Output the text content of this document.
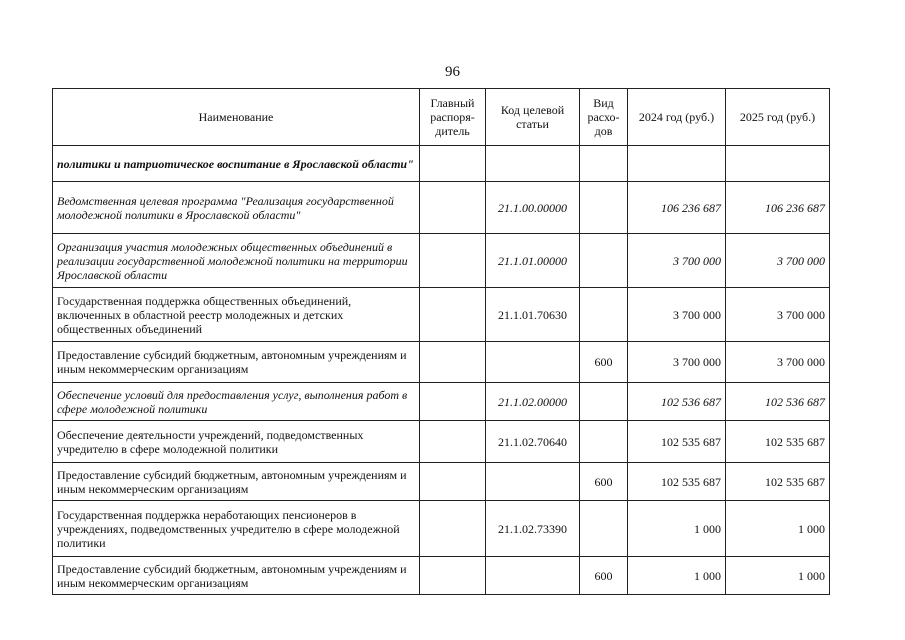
96
Наименование	Главный распоря-дитель	Код целевой статьи	Вид расхо-дов	2024 год (руб.)	2025 год (руб.)
политики и патриотическое воспитание в Ярославской области"					
Ведомственная целевая программа "Реализация государственной молодежной политики в Ярославской области"		21.1.00.00000		106 236 687	106 236 687
Организация участия молодежных общественных объединений в реализации государственной молодежной политики на территории Ярославской области		21.1.01.00000		3 700 000	3 700 000
Государственная поддержка общественных объединений, включенных в областной реестр молодежных и детских общественных объединений		21.1.01.70630		3 700 000	3 700 000
Предоставление субсидий бюджетным, автономным учреждениям и иным некоммерческим организациям			600	3 700 000	3 700 000
Обеспечение условий для предоставления услуг, выполнения работ в сфере молодежной политики		21.1.02.00000		102 536 687	102 536 687
Обеспечение деятельности учреждений, подведомственных учредителю в сфере молодежной политики		21.1.02.70640		102 535 687	102 535 687
Предоставление субсидий бюджетным, автономным учреждениям и иным некоммерческим организациям			600	102 535 687	102 535 687
Государственная поддержка неработающих пенсионеров в учреждениях, подведомственных учредителю в сфере молодежной политики		21.1.02.73390		1 000	1 000
Предоставление субсидий бюджетным, автономным учреждениям и иным некоммерческим организациям			600	1 000	1 000
